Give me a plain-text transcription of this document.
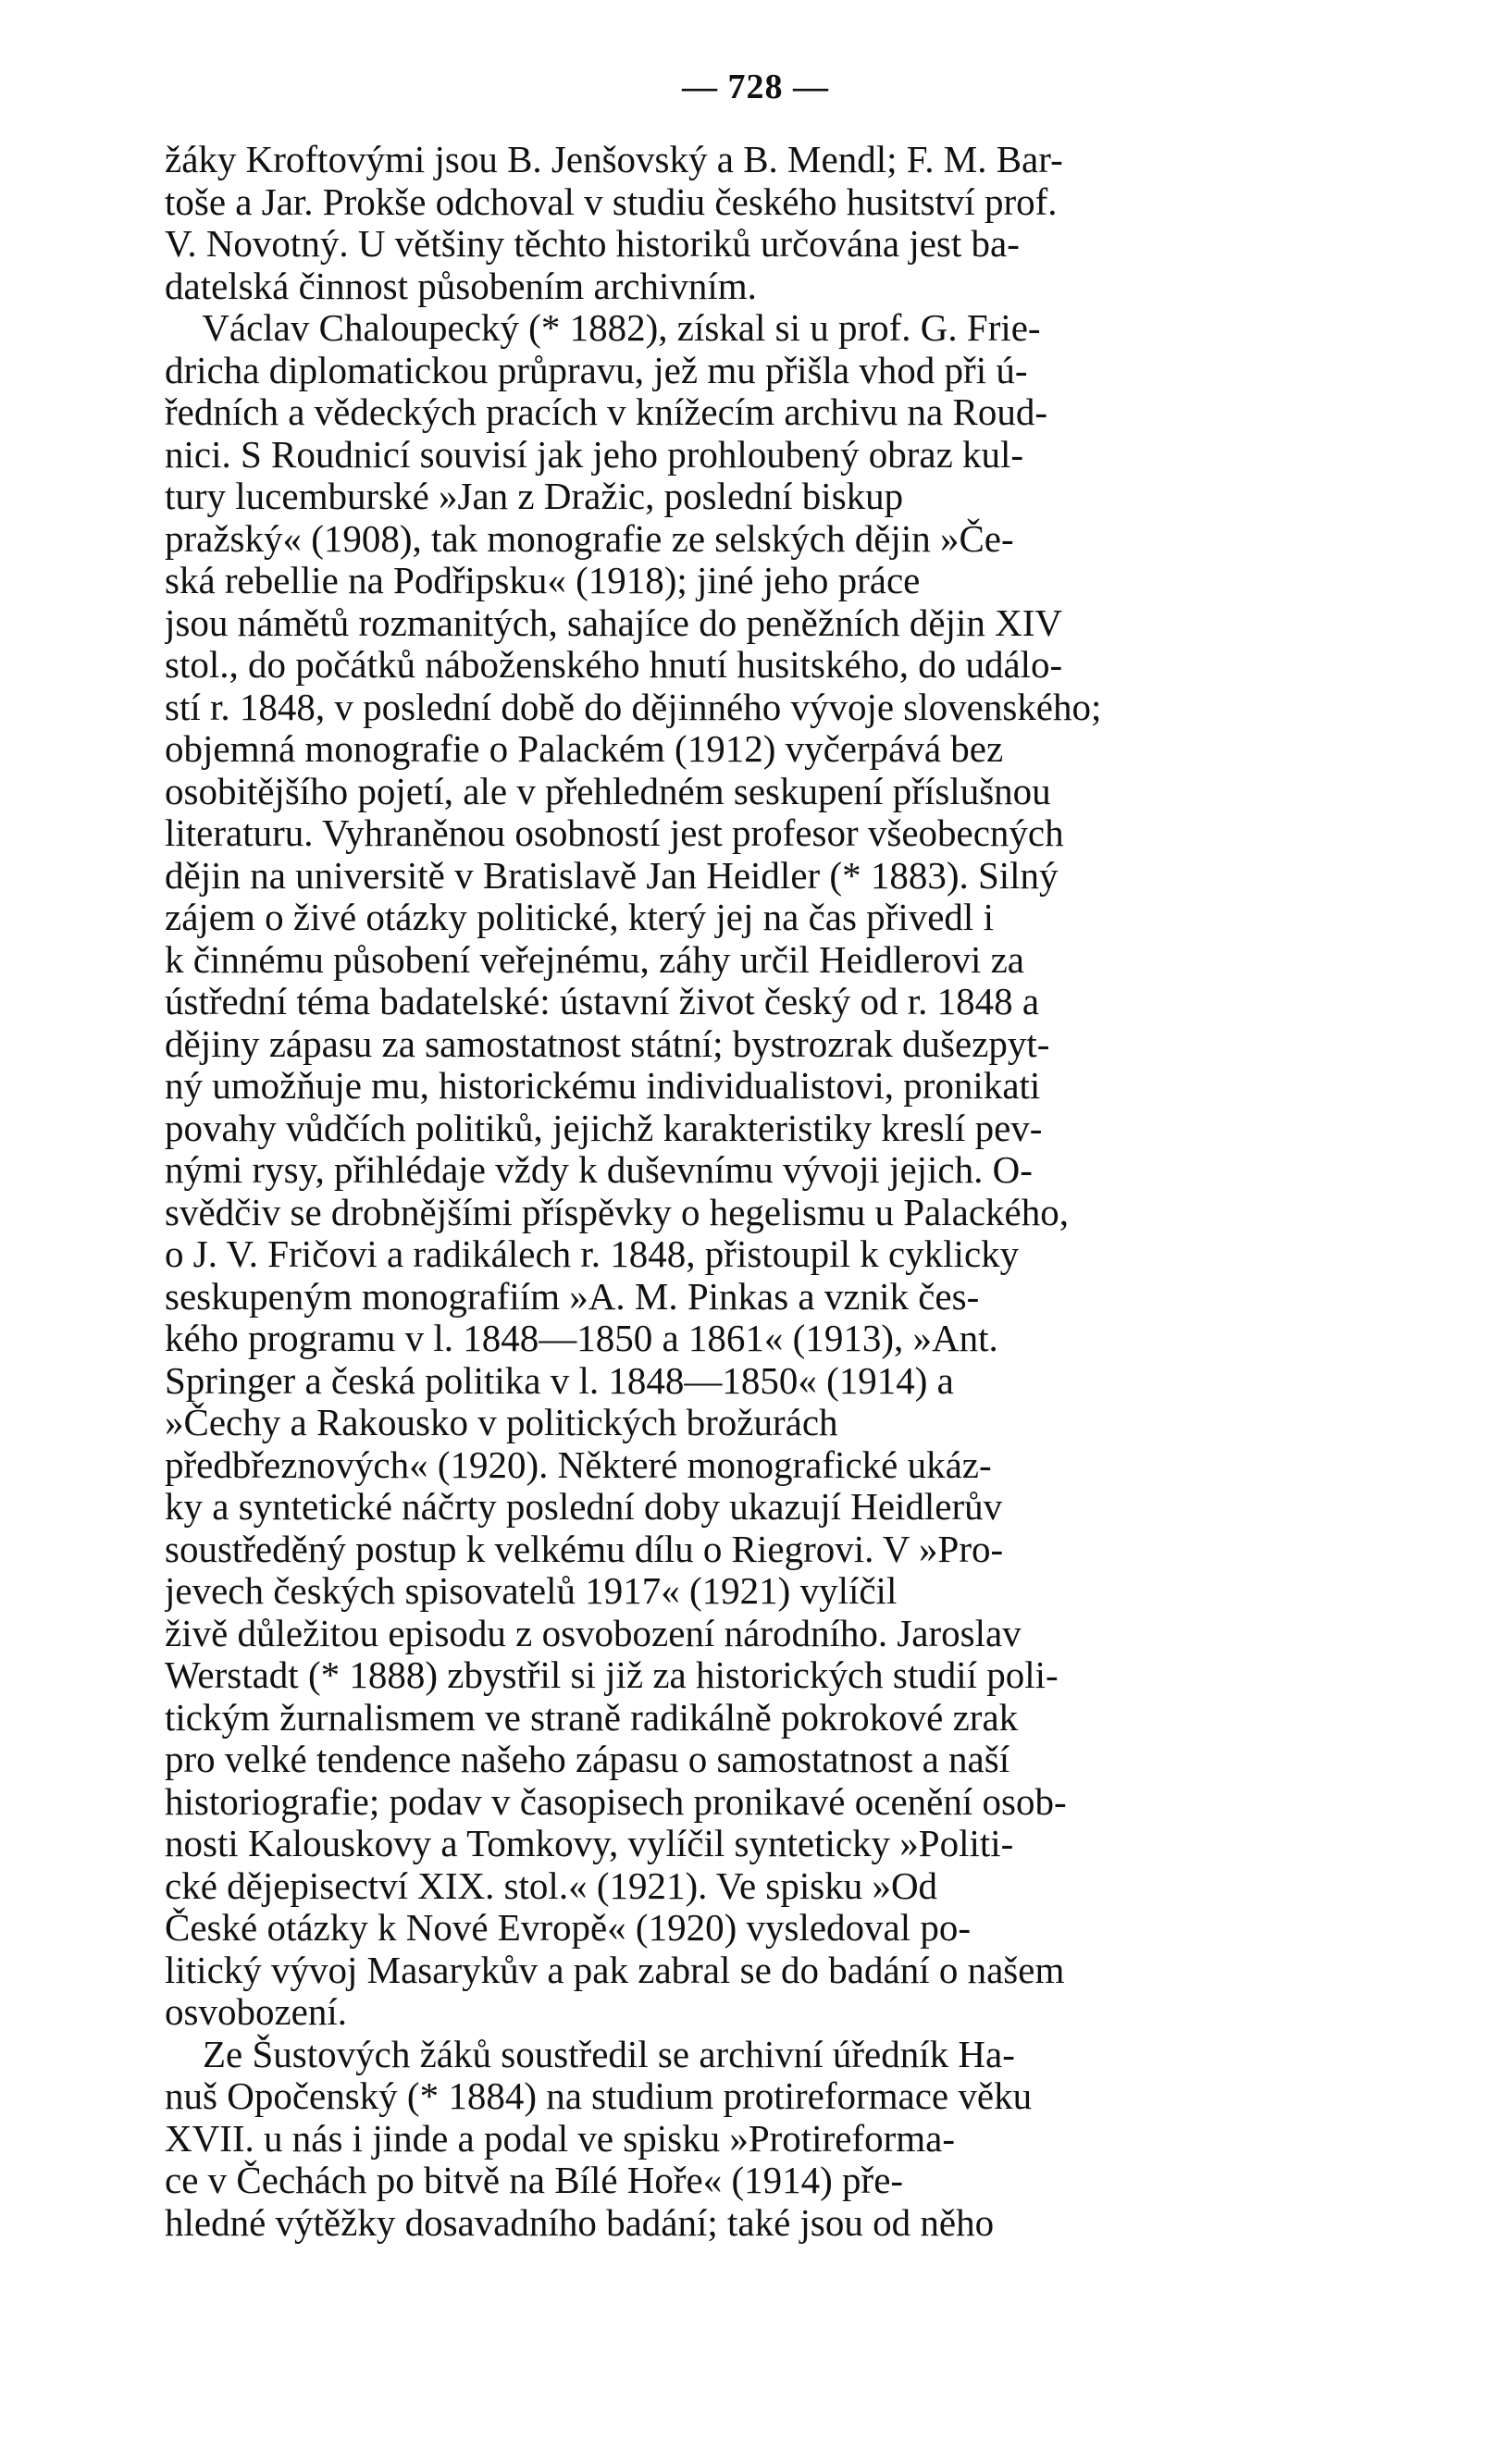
— 728 —
žáky Kroftovými jsou B. Jenšovský a B. Mendl; F. M. Bar-
toše a Jar. Prokše odchoval v studiu českého husitství prof.
V. Novotný. U většiny těchto historiků určována jest ba-
datelská činnost působením archivním.
Václav Chaloupecký (* 1882), získal si u prof. G. Frie-
dricha diplomatickou průpravu, jež mu přišla vhod při ú-
ředních a vědeckých pracích v knížecím archivu na Roud-
nici. S Roudnicí souvisí jak jeho prohloubený obraz kul-
tury lucemburské »Jan z Dražic, poslední biskup
pražský« (1908), tak monografie ze selských dějin »Če-
ská rebellie na Podřipsku« (1918); jiné jeho práce
jsou námětů rozmanitých, sahajíce do peněžních dějin XIV
stol., do počátků náboženského hnutí husitského, do událo-
stí r. 1848, v poslední době do dějinného vývoje slovenského;
objemná monografie o Palackém (1912) vyčerpává bez
osobitějšího pojetí, ale v přehledném seskupení příslušnou
literaturu. Vyhraněnou osobností jest profesor všeobecných
dějin na universitě v Bratislavě Jan Heidler (* 1883). Silný
zájem o živé otázky politické, který jej na čas přivedl i
k činnému působení veřejnému, záhy určil Heidlerovi za
ústřední téma badatelské: ústavní život český od r. 1848 a
dějiny zápasu za samostatnost státní; bystrozrak dušezpyt-
ný umožňuje mu, historickému individualistovi, pronikati
povahy vůdčích politiků, jejichž karakteristiky kreslí pev-
nými rysy, přihlédaje vždy k duševnímu vývoji jejich. O-
svědčiv se drobnějšími příspěvky o hegelismu u Palackého,
o J. V. Fričovi a radikálech r. 1848, přistoupil k cyklicky
seskupeným monografiím »A. M. Pinkas a vznik čes-
kého programu v l. 1848—1850 a 1861« (1913), »Ant.
Springer a česká politika v l. 1848—1850« (1914) a
»Čechy a Rakousko v politických brožurách
předbřeznových« (1920). Některé monografické ukáz-
ky a syntetické náčrty poslední doby ukazují Heidlerův
soustředěný postup k velkému dílu o Riegrovi. V »Pro-
jevech českých spisovatelů 1917« (1921) vylíčil
živě důležitou episodu z osvobození národního. Jaroslav
Werstadt (* 1888) zbystřil si již za historických studií poli-
tickým žurnalismem ve straně radikálně pokrokové zrak
pro velké tendence našeho zápasu o samostatnost a naší
historiografie; podav v časopisech pronikavé ocenění osob-
nosti Kalouskovy a Tomkovy, vylíčil synteticky »Politi-
cké dějepisectví XIX. stol.« (1921). Ve spisku »Od
České otázky k Nové Evropě« (1920) vysledoval po-
litický vývoj Masarykův a pak zabral se do badání o našem
osvobození.
Ze Šustových žáků soustředil se archivní úředník Ha-
nuš Opočenský (* 1884) na studium protireformace věku
XVII. u nás i jinde a podal ve spisku »Protireforma-
ce v Čechách po bitvě na Bílé Hoře« (1914) pře-
hledné výtěžky dosavadního badání; také jsou od něho
